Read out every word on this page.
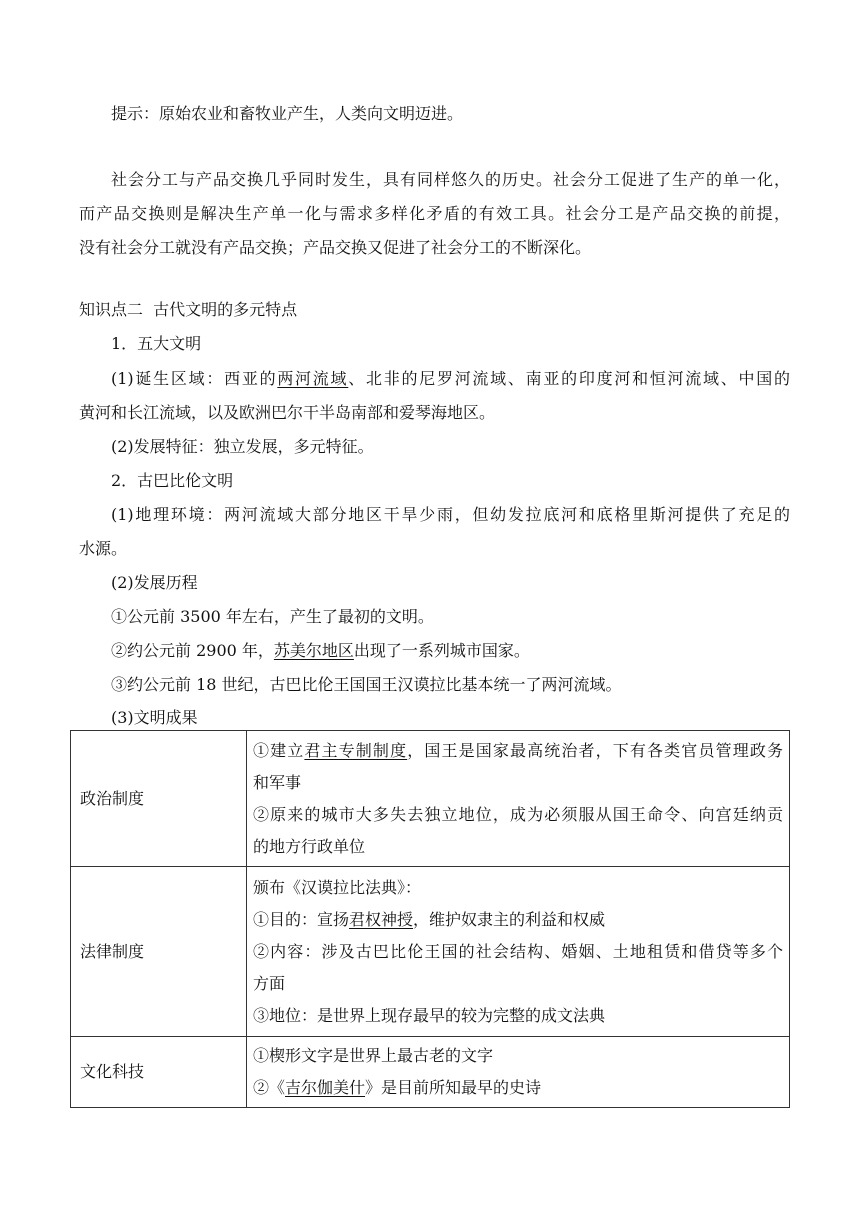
提示：原始农业和畜牧业产生，人类向文明迈进。
社会分工与产品交换几乎同时发生，具有同样悠久的历史。社会分工促进了生产的单一化，
而产品交换则是解决生产单一化与需求多样化矛盾的有效工具。社会分工是产品交换的前提，
没有社会分工就没有产品交换；产品交换又促进了社会分工的不断深化。
知识点二  古代文明的多元特点
1．五大文明
(1)诞生区域：西亚的两河流域、北非的尼罗河流域、南亚的印度河和恒河流域、中国的
黄河和长江流域，以及欧洲巴尔干半岛南部和爱琴海地区。
(2)发展特征：独立发展，多元特征。
2．古巴比伦文明
(1)地理环境：两河流域大部分地区干旱少雨，但幼发拉底河和底格里斯河提供了充足的
水源。
(2)发展历程
①公元前 3500 年左右，产生了最初的文明。
②约公元前 2900 年，苏美尔地区出现了一系列城市国家。
③约公元前 18 世纪，古巴比伦王国国王汉谟拉比基本统一了两河流域。
(3)文明成果
政治制度	①建立君主专制制度，国王是国家最高统治者，下有各类官员管理政务
和军事
②原来的城市大多失去独立地位，成为必须服从国王命令、向宫廷纳贡
的地方行政单位

法律制度	颁布《汉谟拉比法典》：
①目的：宣扬君权神授，维护奴隶主的利益和权威
②内容：涉及古巴比伦王国的社会结构、婚姻、土地租赁和借贷等多个
方面
③地位：是世界上现存最早的较为完整的成文法典

文化科技	①楔形文字是世界上最古老的文字
②《吉尔伽美什》是目前所知最早的史诗
